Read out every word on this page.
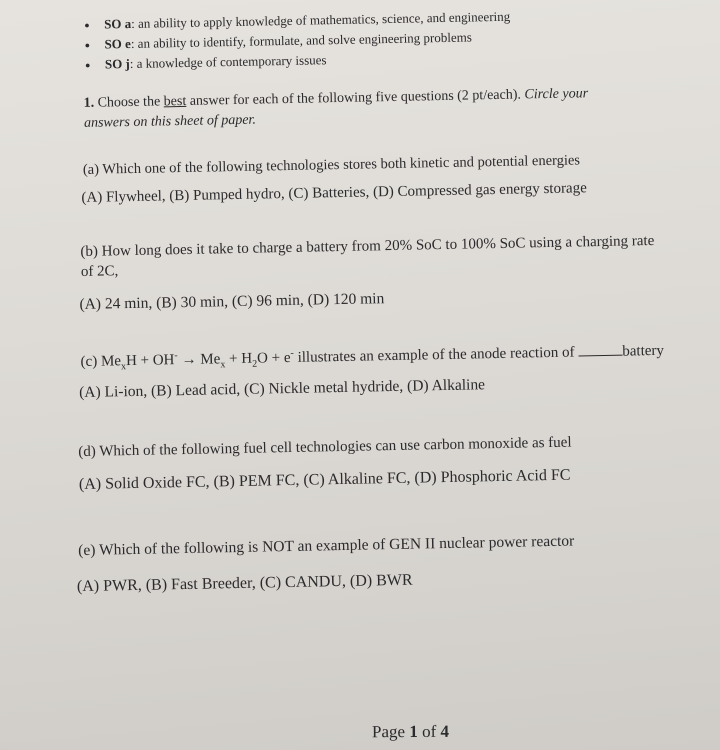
• SO a: an ability to apply knowledge of mathematics, science, and engineering
• SO e: an ability to identify, formulate, and solve engineering problems
• SO j: a knowledge of contemporary issues
1. Choose the best answer for each of the following five questions (2 pt/each). Circle your
answers on this sheet of paper.
(a) Which one of the following technologies stores both kinetic and potential energies
(A) Flywheel, (B) Pumped hydro, (C) Batteries, (D) Compressed gas energy storage
(b) How long does it take to charge a battery from 20% SoC to 100% SoC using a charging rate
of 2C,
(A) 24 min, (B) 30 min, (C) 96 min, (D) 120 min
(c) $Me_xH + OH^- \to Me_x + H_2O + e^-$ illustrates an example of the anode reaction of	battery
(A) Li-ion, (B) Lead acid, (C) Nickle metal hydride, (D) Alkaline
(d) Which of the following fuel cell technologies can use carbon monoxide as fuel
(A) Solid Oxide FC, (B) PEM FC, (C) Alkaline FC, (D) Phosphoric Acid FC
(e) Which of the following is NOT an example of GEN II nuclear power reactor
(A) PWR, (B) Fast Breeder, (C) CANDU, (D) BWR
Page 1 of 4
